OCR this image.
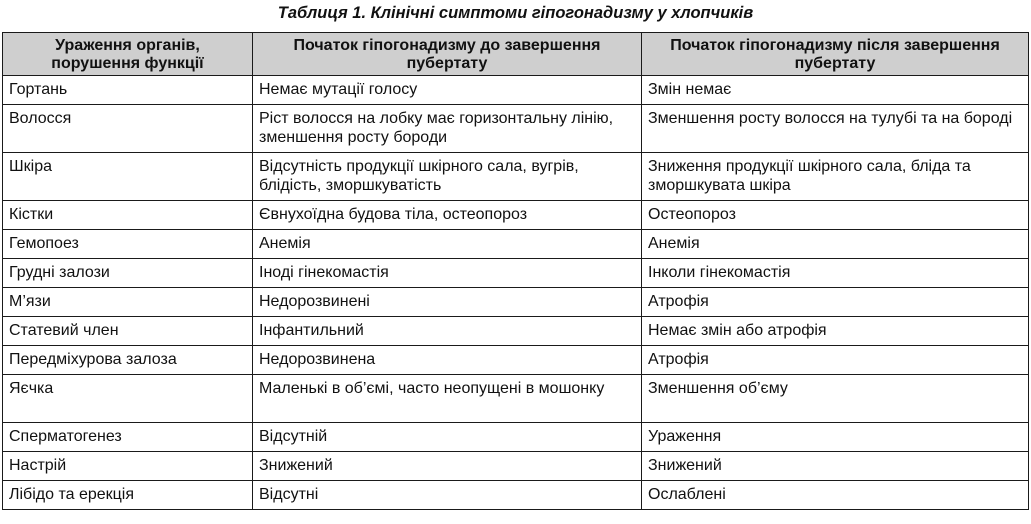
Таблиця 1. Клінічні симптоми гіпогонадизму у хлопчиків
Ураження органів, порушення функції	Початок гіпогонадизму до завершення пубертату	Початок гіпогонадизму після завершення пубертату
Гортань	Немає мутації голосу	Змін немає
Волосся	Ріст волосся на лобку має горизонтальну лінію, зменшення росту бороди	Зменшення росту волосся на тулубі та на бороді
Шкіра	Відсутність продукції шкірного сала, вугрів, блідість, зморшкуватість	Зниження продукції шкірного сала, бліда та зморшкувата шкіра
Кістки	Євнухоїдна будова тіла, остеопороз	Остеопороз
Гемопоез	Анемія	Анемія
Грудні залози	Іноді гінекомастія	Інколи гінекомастія
М’язи	Недорозвинені	Атрофія
Статевий член	Інфантильний	Немає змін або атрофія
Передміхурова залоза	Недорозвинена	Атрофія
Яєчка	Маленькі в об’ємі, часто неопущені в мошонку	Зменшення об’єму
Сперматогенез	Відсутній	Ураження
Настрій	Знижений	Знижений
Лібідо та ерекція	Відсутні	Ослаблені
